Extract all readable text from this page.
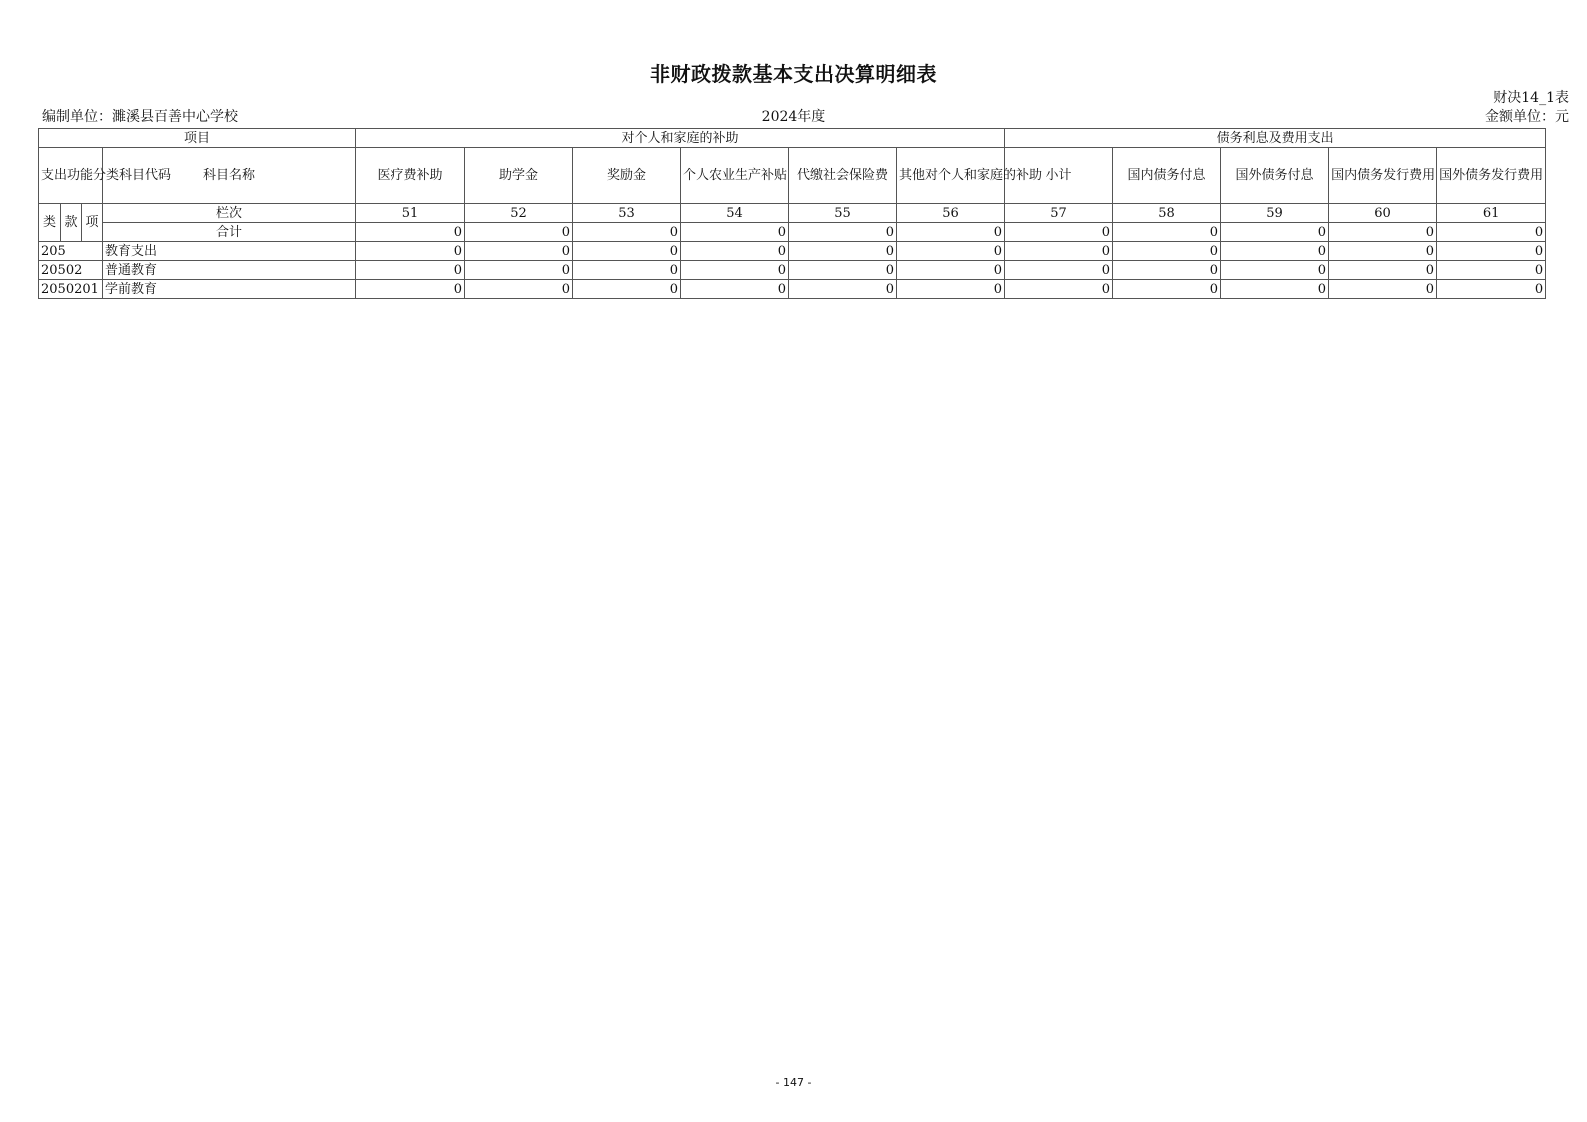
非财政拨款基本支出决算明细表
财决14_1表
编制单位：濉溪县百善中心学校	2024年度	金额单位：元
项目				对个人和家庭的补助						债务利息及费用支出				
支出功能分类科目代码			科目名称	医疗费补助	助学金	奖励金	个人农业生产补贴	代缴社会保险费	其他对个人和家庭的补助	小计	国内债务付息	国外债务付息	国内债务发行费用	国外债务发行费用
类	款	项												
			栏次	51	52	53	54	55	56	57	58	59	60	61
			合计	0	0	0	0	0	0	0	0	0	0	0
205			教育支出	0	0	0	0	0	0	0	0	0	0	0
20502			普通教育	0	0	0	0	0	0	0	0	0	0	0
2050201			学前教育	0	0	0	0	0	0	0	0	0	0	0
- 147 -
